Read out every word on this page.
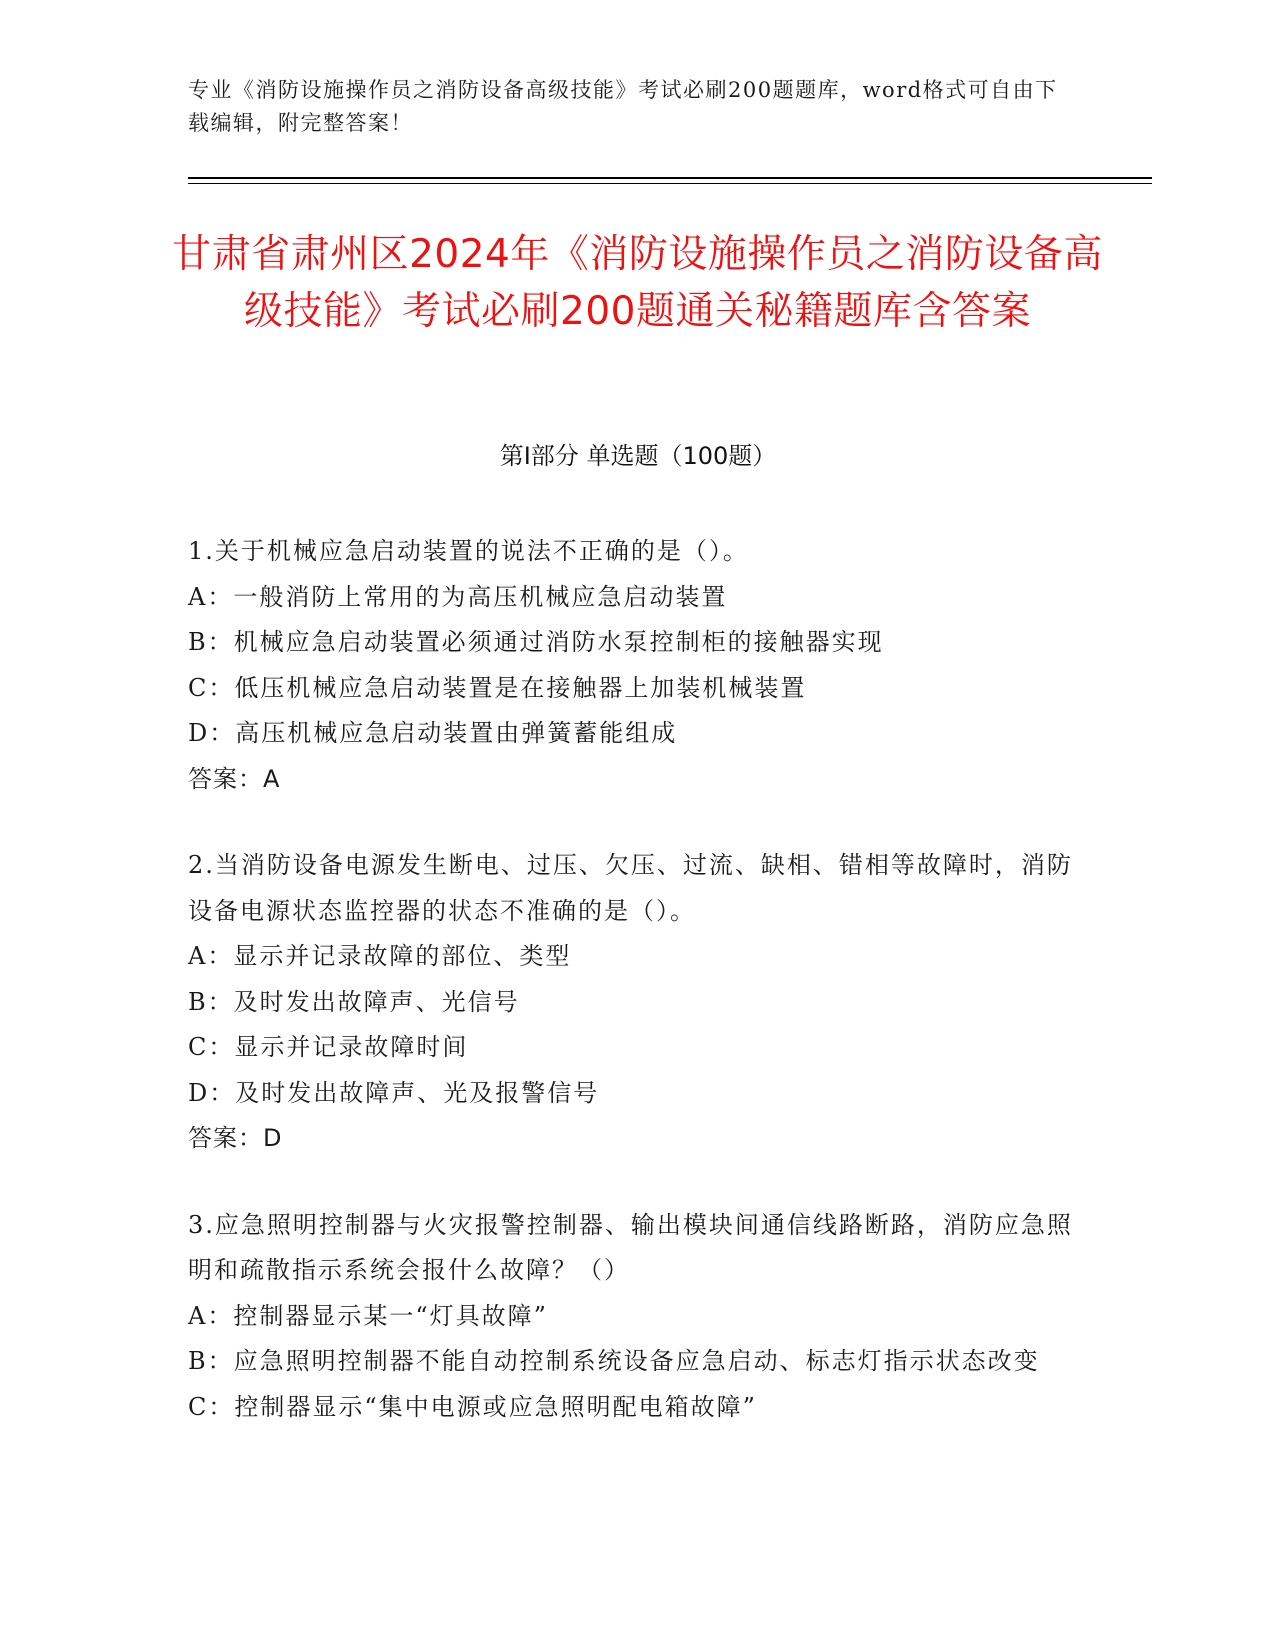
专业《消防设施操作员之消防设备高级技能》考试必刷200题题库，word格式可自由下载编辑，附完整答案！
甘肃省肃州区2024年《消防设施操作员之消防设备高级技能》考试必刷200题通关秘籍题库含答案
第I部分 单选题（100题）

1.关于机械应急启动装置的说法不正确的是（）。

A：一般消防上常用的为高压机械应急启动装置

B：机械应急启动装置必须通过消防水泵控制柜的接触器实现

C：低压机械应急启动装置是在接触器上加装机械装置

D：高压机械应急启动装置由弹簧蓄能组成

答案：A

2.当消防设备电源发生断电、过压、欠压、过流、缺相、错相等故障时，消防设备电源状态监控器的状态不准确的是（）。

A：显示并记录故障的部位、类型

B：及时发出故障声、光信号

C：显示并记录故障时间

D：及时发出故障声、光及报警信号

答案：D

3.应急照明控制器与火灾报警控制器、输出模块间通信线路断路，消防应急照明和疏散指示系统会报什么故障？（）

A：控制器显示某一“灯具故障”

B：应急照明控制器不能自动控制系统设备应急启动、标志灯指示状态改变

C：控制器显示“集中电源或应急照明配电箱故障”
